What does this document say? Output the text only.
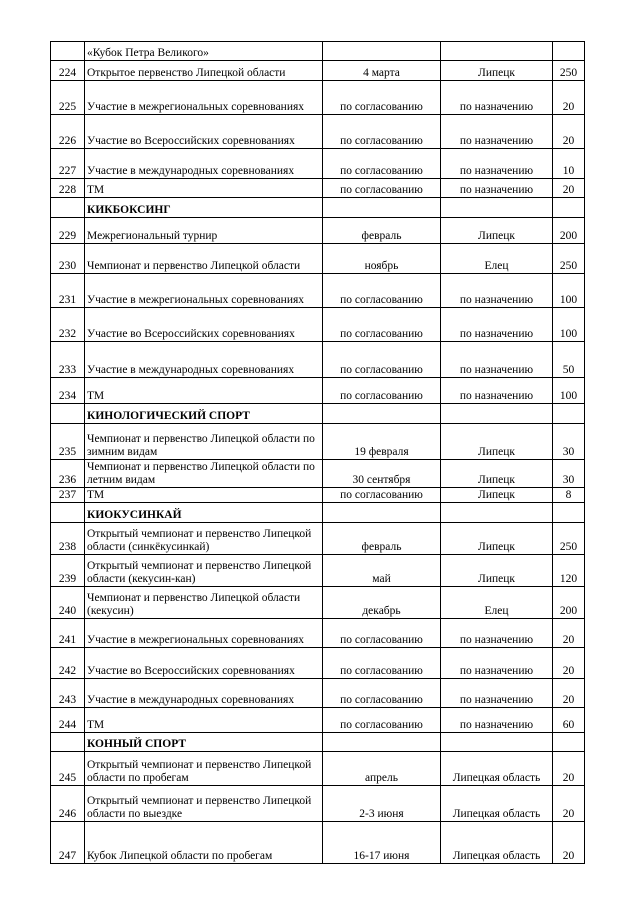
	«Кубок Петра Великого»			
224	Открытое первенство Липецкой области	4 марта	Липецк	250
225	Участие в межрегиональных соревнованиях	по согласованию	по назначению	20
226	Участие во Всероссийских соревнованиях	по согласованию	по назначению	20
227	Участие в международных соревнованиях	по согласованию	по назначению	10
228	ТМ	по согласованию	по назначению	20
	КИКБОКСИНГ			
229	Межрегиональный турнир	февраль	Липецк	200
230	Чемпионат и первенство Липецкой области	ноябрь	Елец	250
231	Участие в межрегиональных соревнованиях	по согласованию	по назначению	100
232	Участие во Всероссийских соревнованиях	по согласованию	по назначению	100
233	Участие в международных соревнованиях	по согласованию	по назначению	50
234	ТМ	по согласованию	по назначению	100
	КИНОЛОГИЧЕСКИЙ СПОРТ			
235	Чемпионат и первенство Липецкой области по зимним видам	19 февраля	Липецк	30
236	Чемпионат и первенство Липецкой области по летним видам	30 сентября	Липецк	30
237	ТМ	по согласованию	Липецк	8
	КИОКУСИНКАЙ			
238	Открытый чемпионат и первенство Липецкой области (синкёкусинкай)	февраль	Липецк	250
239	Открытый чемпионат и первенство Липецкой области (кекусин-кан)	май	Липецк	120
240	Чемпионат и первенство Липецкой области (кекусин)	декабрь	Елец	200
241	Участие в межрегиональных соревнованиях	по согласованию	по назначению	20
242	Участие во Всероссийских соревнованиях	по согласованию	по назначению	20
243	Участие в международных соревнованиях	по согласованию	по назначению	20
244	ТМ	по согласованию	по назначению	60
	КОННЫЙ СПОРТ			
245	Открытый чемпионат и первенство Липецкой области по пробегам	апрель	Липецкая область	20
246	Открытый чемпионат и первенство Липецкой области по выездке	2-3 июня	Липецкая область	20
247	Кубок Липецкой области по пробегам	16-17 июня	Липецкая область	20
